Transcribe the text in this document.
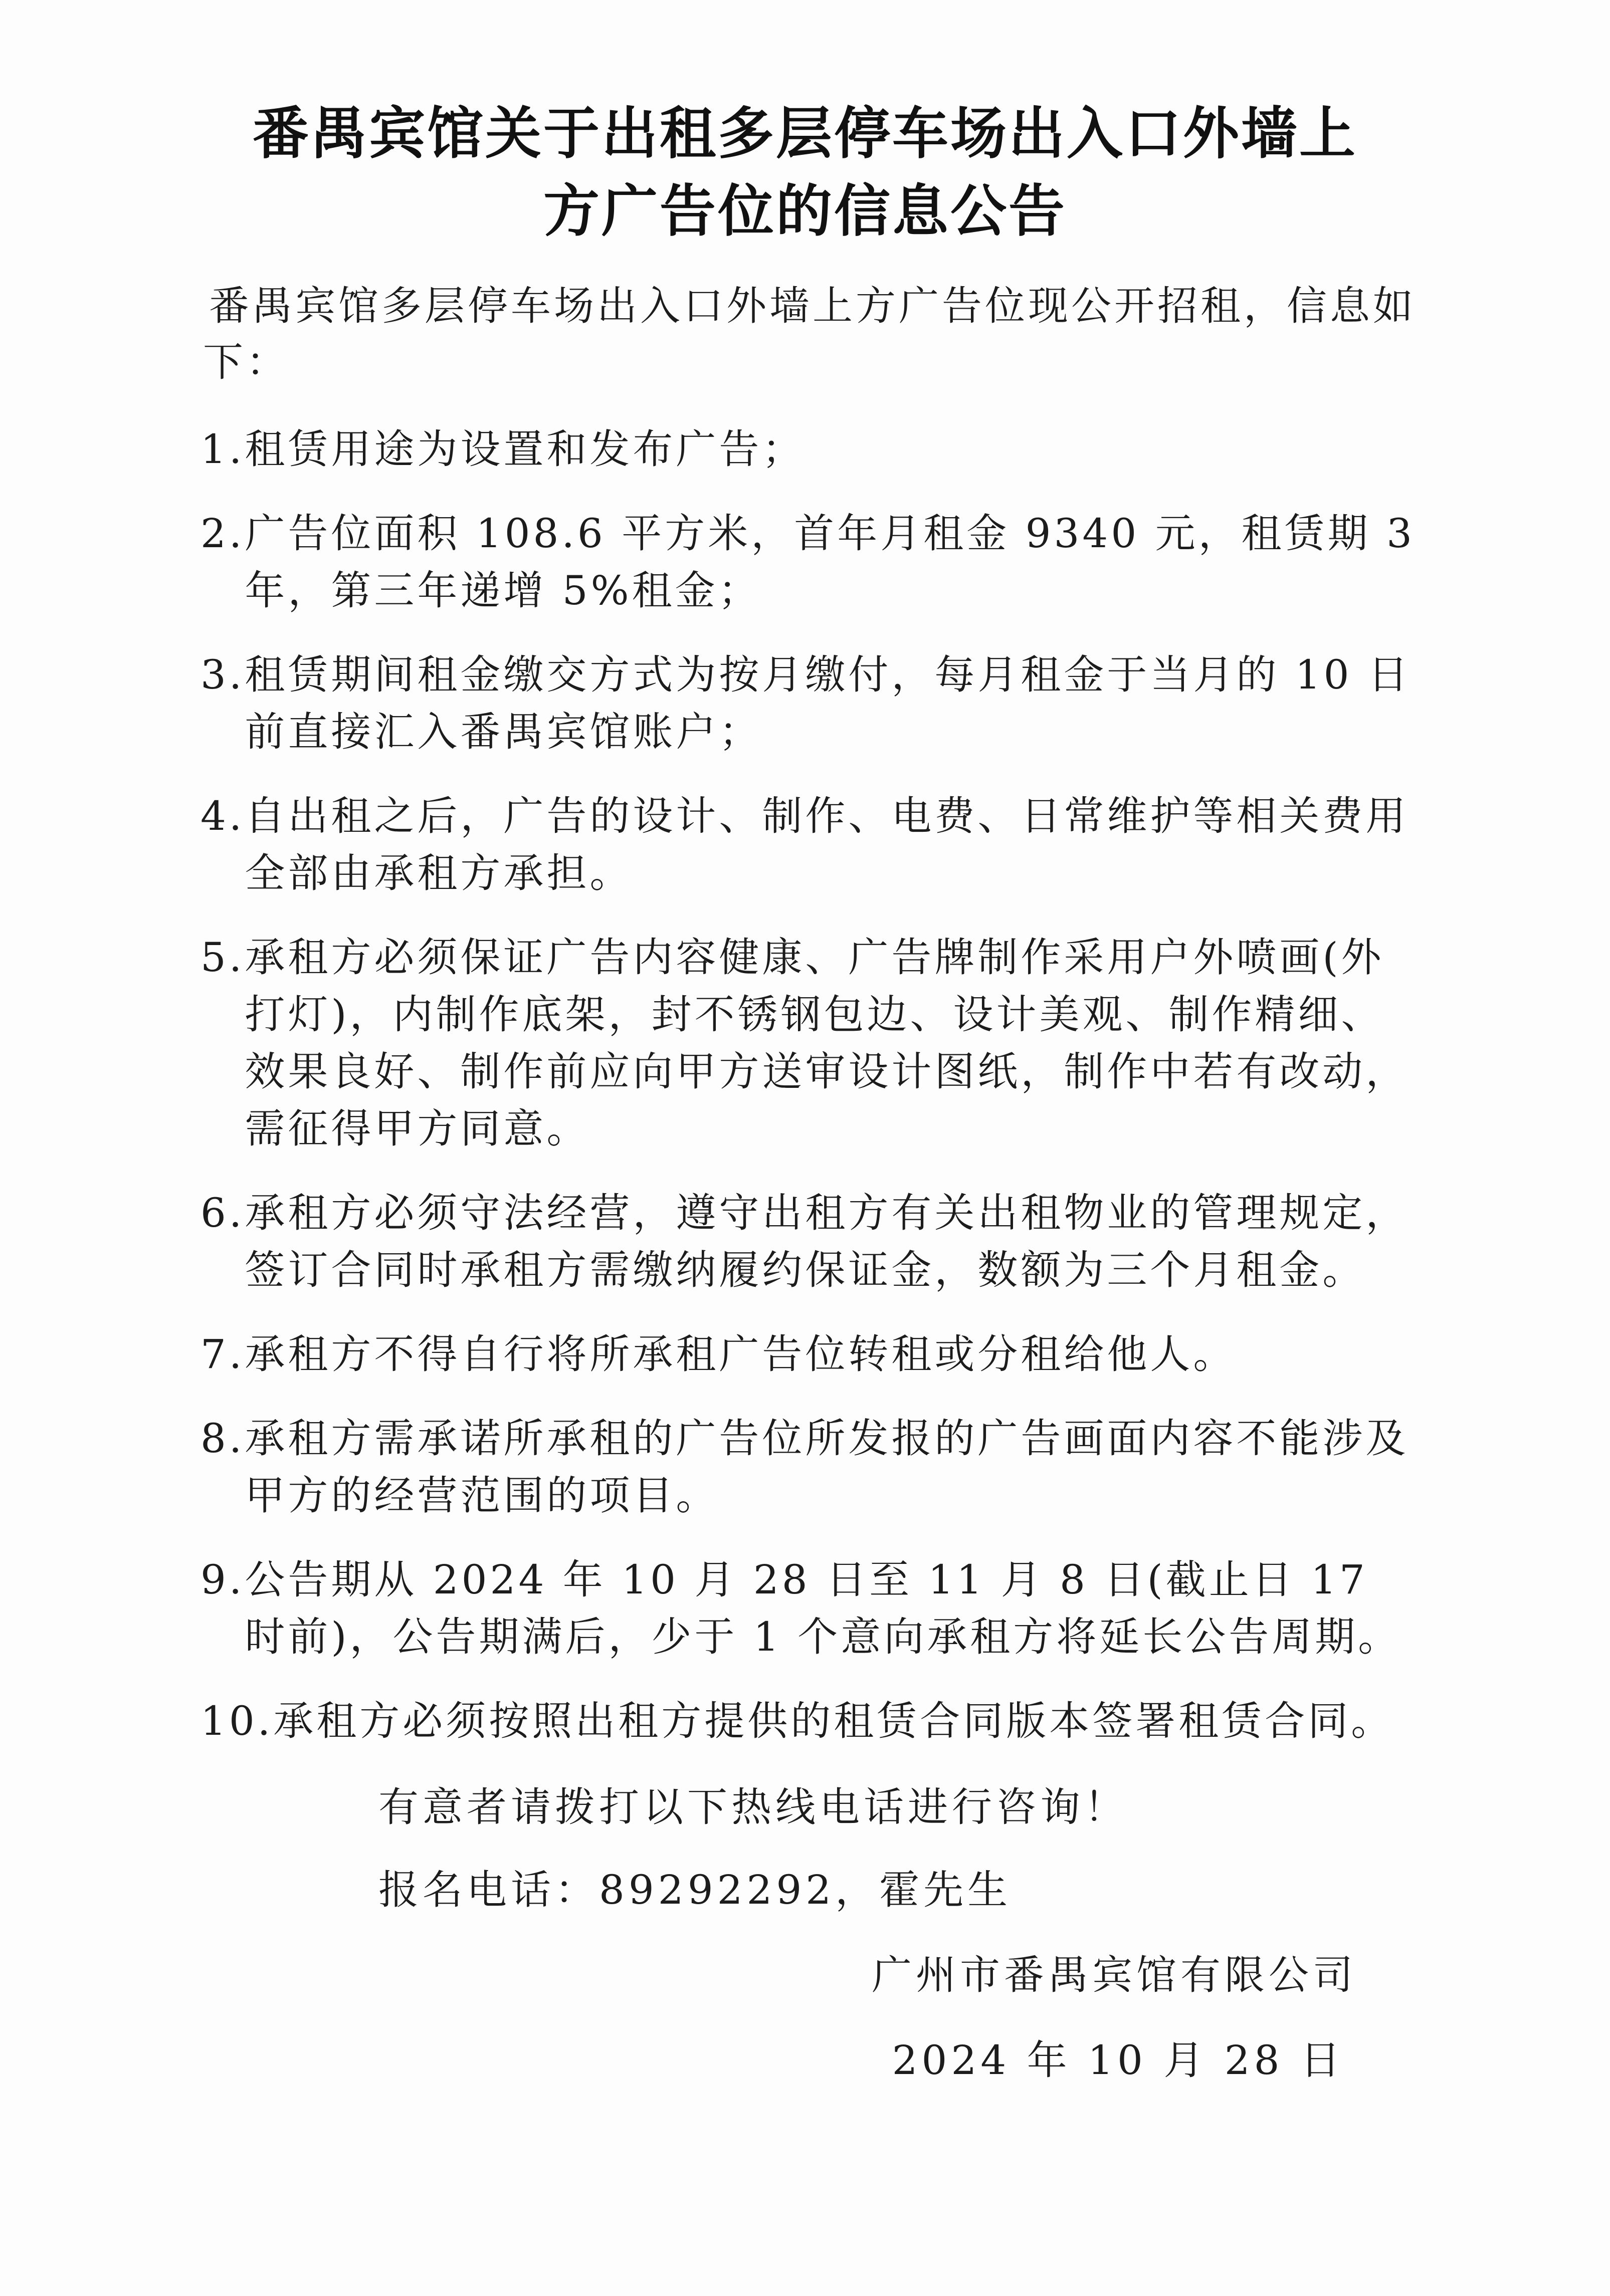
番禺宾馆关于出租多层停车场出入口外墙上
方广告位的信息公告

番禺宾馆多层停车场出入口外墙上方广告位现公开招租，信息如下：

1. 租赁用途为设置和发布广告；
2. 广告位面积 108.6 平方米，首年月租金 9340 元，租赁期 3 年，第三年递增 5%租金；
3. 租赁期间租金缴交方式为按月缴付，每月租金于当月的 10 日前直接汇入番禺宾馆账户；
4. 自出租之后，广告的设计、制作、电费、日常维护等相关费用全部由承租方承担。
5. 承租方必须保证广告内容健康、广告牌制作采用户外喷画(外打灯)，内制作底架，封不锈钢包边、设计美观、制作精细、效果良好、制作前应向甲方送审设计图纸，制作中若有改动，需征得甲方同意。
6. 承租方必须守法经营，遵守出租方有关出租物业的管理规定，签订合同时承租方需缴纳履约保证金，数额为三个月租金。
7. 承租方不得自行将所承租广告位转租或分租给他人。
8. 承租方需承诺所承租的广告位所发报的广告画面内容不能涉及甲方的经营范围的项目。
9. 公告期从 2024 年 10 月 28 日至 11 月 8 日(截止日 17 时前)，公告期满后，少于 1 个意向承租方将延长公告周期。
10. 承租方必须按照出租方提供的租赁合同版本签署租赁合同。
有意者请拨打以下热线电话进行咨询！
报名电话：89292292，霍先生
广州市番禺宾馆有限公司
2024 年 10 月 28 日
